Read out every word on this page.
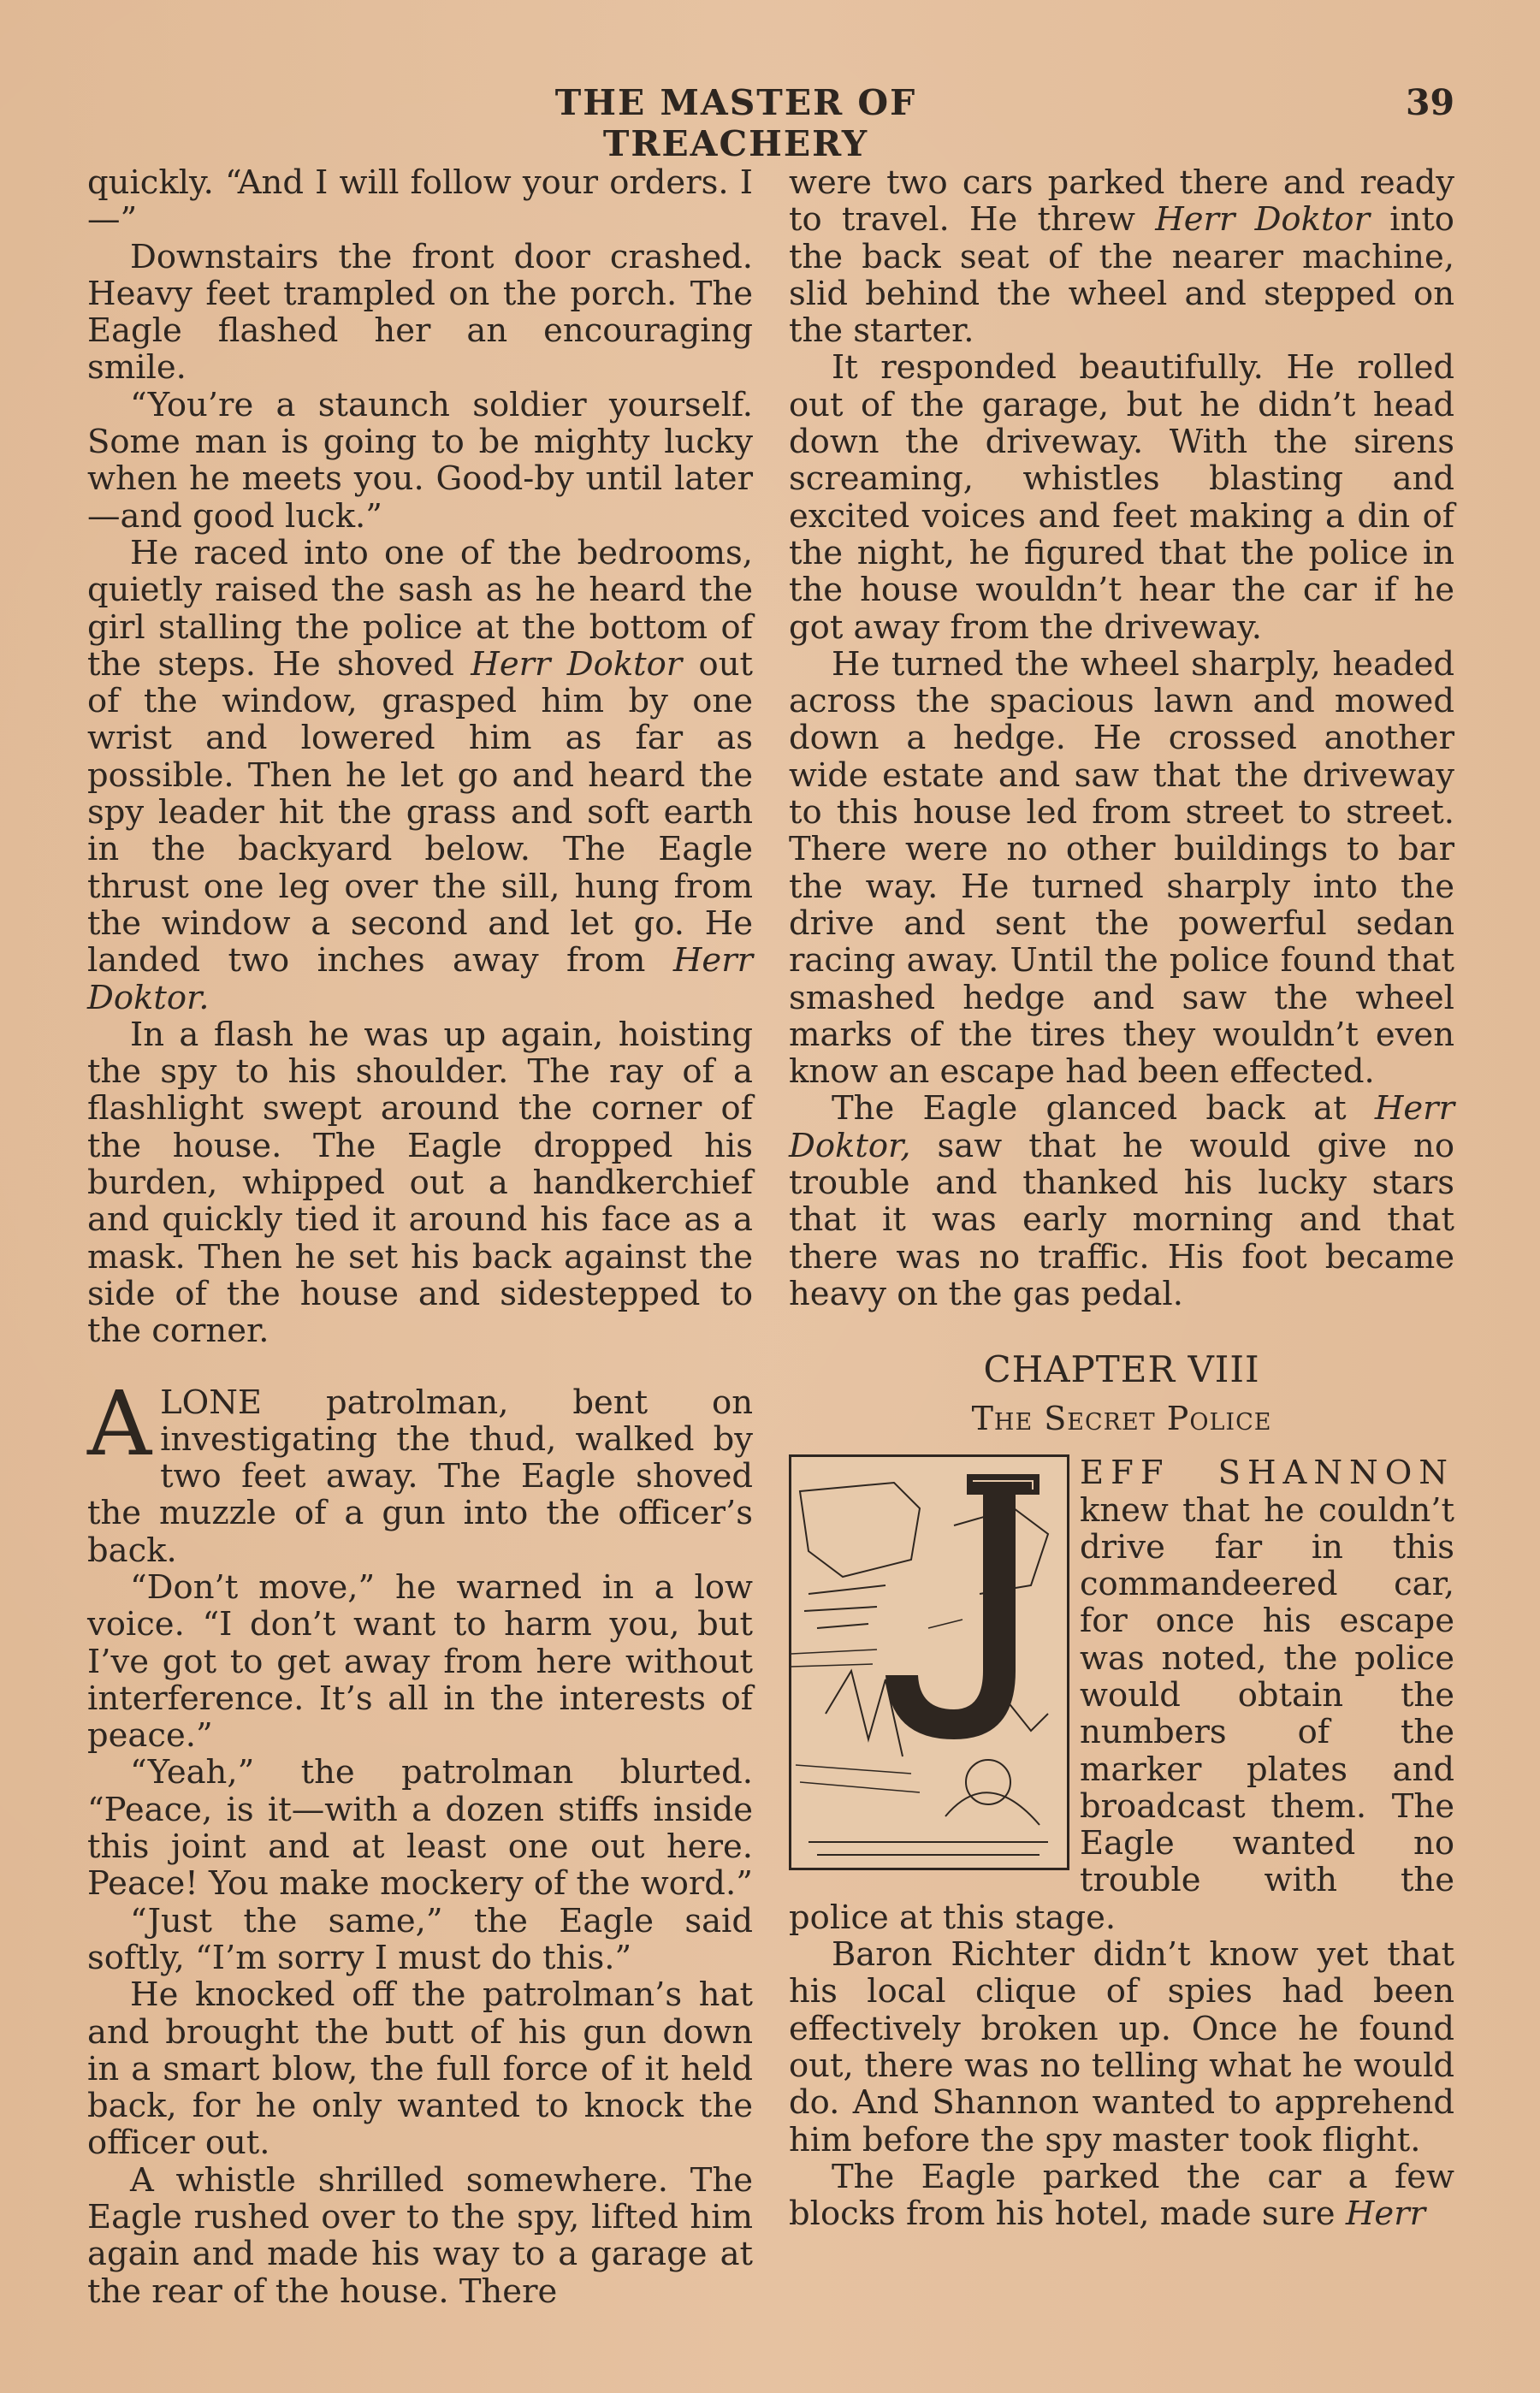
THE MASTER OF TREACHERY
39

quickly. “And I will follow your orders. I—”

Downstairs the front door crashed. Heavy feet trampled on the porch. The Eagle flashed her an encouraging smile.

“You’re a staunch soldier yourself. Some man is going to be mighty lucky when he meets you. Good-by until later—and good luck.”

He raced into one of the bedrooms, quietly raised the sash as he heard the girl stalling the police at the bottom of the steps. He shoved Herr Doktor out of the window, grasped him by one wrist and lowered him as far as possible. Then he let go and heard the spy leader hit the grass and soft earth in the backyard below. The Eagle thrust one leg over the sill, hung from the window a second and let go. He landed two inches away from Herr Doktor.

In a flash he was up again, hoisting the spy to his shoulder. The ray of a flashlight swept around the corner of the house. The Eagle dropped his burden, whipped out a handkerchief and quickly tied it around his face as a mask. Then he set his back against the side of the house and sidestepped to the corner.

ALONE patrolman, bent on investigating the thud, walked by two feet away. The Eagle shoved the muzzle of a gun into the officer’s back.

“Don’t move,” he warned in a low voice. “I don’t want to harm you, but I’ve got to get away from here without interference. It’s all in the interests of peace.”

“Yeah,” the patrolman blurted. “Peace, is it—with a dozen stiffs inside this joint and at least one out here. Peace! You make mockery of the word.”

“Just the same,” the Eagle said softly, “I’m sorry I must do this.”

He knocked off the patrolman’s hat and brought the butt of his gun down in a smart blow, the full force of it held back, for he only wanted to knock the officer out.

A whistle shrilled somewhere. The Eagle rushed over to the spy, lifted him again and made his way to a garage at the rear of the house. There

were two cars parked there and ready to travel. He threw Herr Doktor into the back seat of the nearer machine, slid behind the wheel and stepped on the starter.

It responded beautifully. He rolled out of the garage, but he didn’t head down the driveway. With the sirens screaming, whistles blasting and excited voices and feet making a din of the night, he figured that the police in the house wouldn’t hear the car if he got away from the driveway.

He turned the wheel sharply, headed across the spacious lawn and mowed down a hedge. He crossed another wide estate and saw that the driveway to this house led from street to street. There were no other buildings to bar the way. He turned sharply into the drive and sent the powerful sedan racing away. Until the police found that smashed hedge and saw the wheel marks of the tires they wouldn’t even know an escape had been effected.

The Eagle glanced back at Herr Doktor, saw that he would give no trouble and thanked his lucky stars that it was early morning and that there was no traffic. His foot became heavy on the gas pedal.

CHAPTER VIII
The Secret Police

EFF SHANNON knew that he couldn’t drive far in this commandeered car, for once his escape was noted, the police would obtain the numbers of the marker plates and broadcast them. The Eagle wanted no trouble with the police at this stage.

Baron Richter didn’t know yet that his local clique of spies had been effectively broken up. Once he found out, there was no telling what he would do. And Shannon wanted to apprehend him before the spy master took flight.

The Eagle parked the car a few blocks from his hotel, made sure Herr
